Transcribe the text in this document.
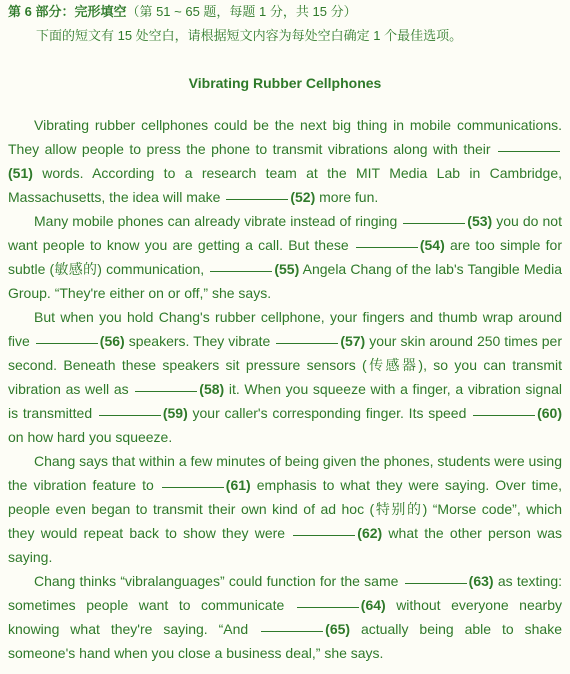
第 6 部分：完形填空（第 51 ~ 65 题，每题 1 分，共 15 分）
下面的短文有 15 处空白，请根据短文内容为每处空白确定 1 个最佳选项。
Vibrating Rubber Cellphones

Vibrating rubber cellphones could be the next big thing in mobile communications. They allow people to press the phone to transmit vibrations along with their (51) words. According to a research team at the MIT Media Lab in Cambridge, Massachusetts, the idea will make	(52) more fun.

Many mobile phones can already vibrate instead of ringing	(53) you do not want people to know you are getting a call. But these	(54) are too simple for subtle (敏感的) communication,	(55) Angela Chang of the lab's Tangible Media Group. “They're either on or off,” she says.

But when you hold Chang's rubber cellphone, your fingers and thumb wrap around five	(56) speakers. They vibrate	(57) your skin around 250 times per second. Beneath these speakers sit pressure sensors (传感器), so you can transmit vibration as well as	(58) it. When you squeeze with a finger, a vibration signal is transmitted	(59) your caller's corresponding finger. Its speed	(60) on how hard you squeeze.

Chang says that within a few minutes of being given the phones, students were using the vibration feature to	(61) emphasis to what they were saying. Over time, people even began to transmit their own kind of ad hoc (特别的) “Morse code”, which they would repeat back to show they were	(62) what the other person was saying.

Chang thinks “vibralanguages” could function for the same	(63) as texting: sometimes people want to communicate	(64) without everyone nearby knowing what they're saying. “And	(65) actually being able to shake someone's hand when you close a business deal,” she says.
